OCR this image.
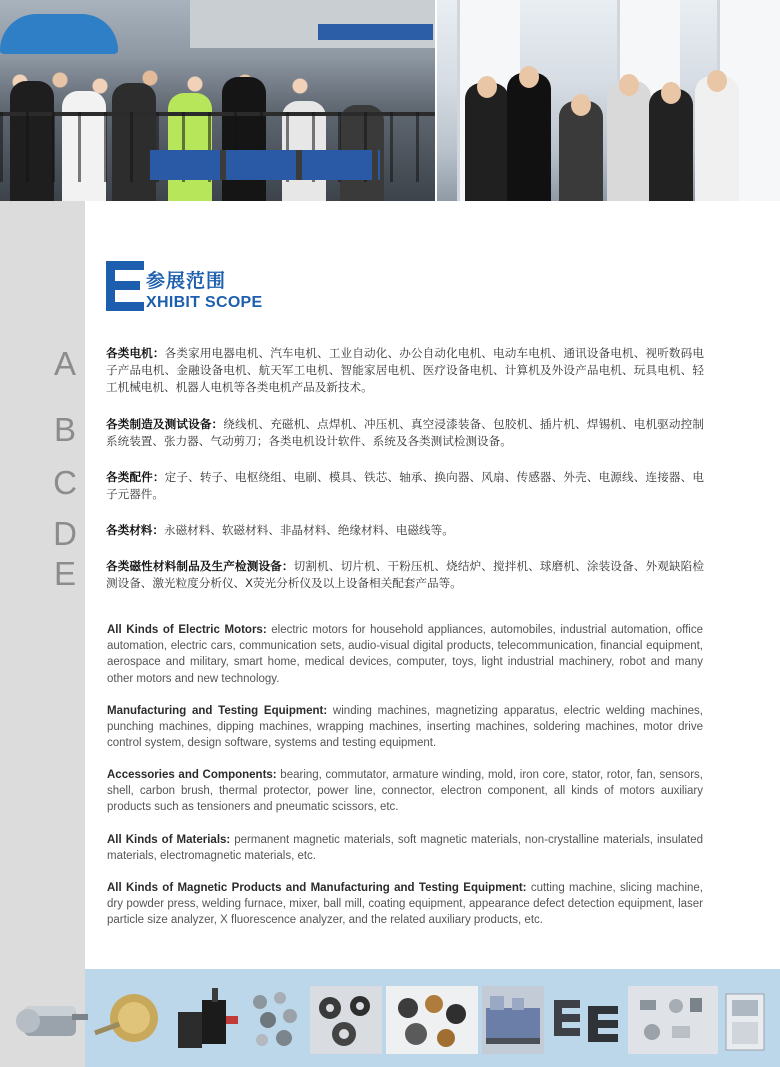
A
B
C
D
E
参展范围
XHIBIT SCOPE
各类电机：各类家用电器电机、汽车电机、工业自动化、办公自动化电机、电动车电机、通讯设备电机、视听数码电子产品电机、金融设备电机、航天军工电机、智能家居电机、医疗设备电机、计算机及外设产品电机、玩具电机、轻工机械电机、机器人电机等各类电机产品及新技术。
各类制造及测试设备：绕线机、充磁机、点焊机、冲压机、真空浸漆装备、包胶机、插片机、焊锡机、电机驱动控制系统装置、张力器、气动剪刀；各类电机设计软件、系统及各类测试检测设备。
各类配件：定子、转子、电枢绕组、电刷、模具、铁芯、轴承、换向器、风扇、传感器、外壳、电源线、连接器、电子元器件。
各类材料：永磁材料、软磁材料、非晶材料、绝缘材料、电磁线等。
各类磁性材料制品及生产检测设备：切割机、切片机、干粉压机、烧结炉、搅拌机、球磨机、涂装设备、外观缺陷检测设备、激光粒度分析仪、X荧光分析仪及以上设备相关配套产品等。
All Kinds of Electric Motors: electric motors for household appliances, automobiles, industrial automation, office automation, electric cars, communication sets, audio-visual digital products, telecommunication, financial equipment, aerospace and military, smart home, medical devices, computer, toys, light industrial machinery, robot and many other motors and new technology.
Manufacturing and Testing Equipment: winding machines, magnetizing apparatus, electric welding machines, punching machines, dipping machines, wrapping machines, inserting machines, soldering machines, motor drive control system, design software, systems and testing equipment.
Accessories and Components: bearing, commutator, armature winding, mold, iron core, stator, rotor, fan, sensors, shell, carbon brush, thermal protector, power line, connector, electron component, all kinds of motors auxiliary products such as tensioners and pneumatic scissors, etc.
All Kinds of Materials: permanent magnetic materials, soft magnetic materials, non-crystalline materials, insulated materials, electromagnetic materials, etc.
All Kinds of Magnetic Products and Manufacturing and Testing Equipment: cutting machine, slicing machine, dry powder press, welding furnace, mixer, ball mill, coating equipment, appearance defect detection equipment, laser particle size analyzer, X fluorescence analyzer, and the related auxiliary products, etc.
